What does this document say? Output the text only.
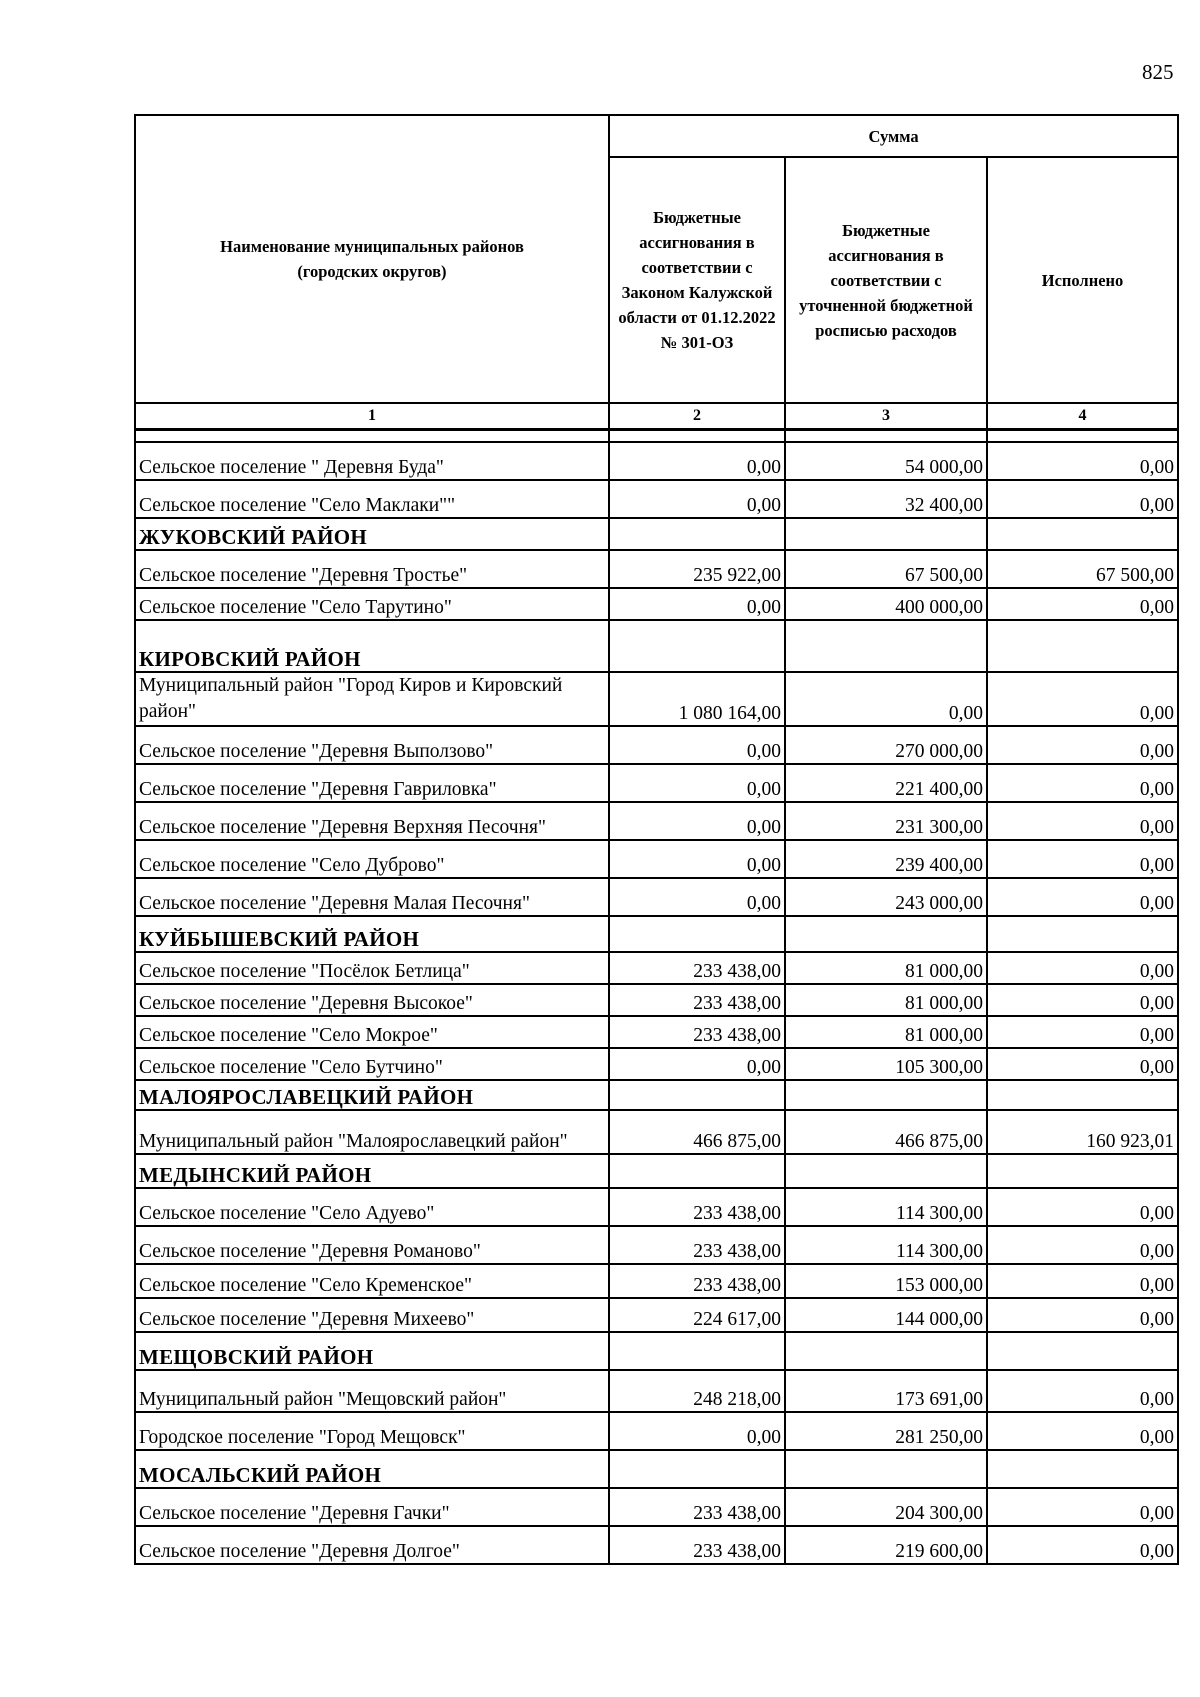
825
Наименование муниципальных районов (городских округов)	Сумма		
	Бюджетные ассигнования в соответствии с Законом Калужской области от 01.12.2022 № 301-ОЗ	Бюджетные ассигнования в соответствии с уточненной бюджетной росписью расходов	Исполнено
1	2	3	4

Сельское поселение " Деревня Буда"	0,00	54 000,00	0,00
Сельское поселение "Село Маклаки""	0,00	32 400,00	0,00
ЖУКОВСКИЙ РАЙОН			
Сельское поселение "Деревня Тростье"	235 922,00	67 500,00	67 500,00
Сельское поселение "Село Тарутино"	0,00	400 000,00	0,00
КИРОВСКИЙ РАЙОН			
Муниципальный район "Город Киров и Кировский район"	1 080 164,00	0,00	0,00
Сельское поселение "Деревня Выползово"	0,00	270 000,00	0,00
Сельское поселение "Деревня Гавриловка"	0,00	221 400,00	0,00
Сельское поселение "Деревня Верхняя Песочня"	0,00	231 300,00	0,00
Сельское поселение "Село Дуброво"	0,00	239 400,00	0,00
Сельское поселение "Деревня Малая Песочня"	0,00	243 000,00	0,00
КУЙБЫШЕВСКИЙ РАЙОН			
Сельское поселение "Посёлок Бетлица"	233 438,00	81 000,00	0,00
Сельское поселение "Деревня Высокое"	233 438,00	81 000,00	0,00
Сельское поселение "Село Мокрое"	233 438,00	81 000,00	0,00
Сельское поселение "Село Бутчино"	0,00	105 300,00	0,00
МАЛОЯРОСЛАВЕЦКИЙ РАЙОН			
Муниципальный район "Малоярославецкий район"	466 875,00	466 875,00	160 923,01
МЕДЫНСКИЙ РАЙОН			
Сельское поселение "Село Адуево"	233 438,00	114 300,00	0,00
Сельское поселение "Деревня Романово"	233 438,00	114 300,00	0,00
Сельское поселение "Село Кременское"	233 438,00	153 000,00	0,00
Сельское поселение "Деревня Михеево"	224 617,00	144 000,00	0,00
МЕЩОВСКИЙ РАЙОН			
Муниципальный район "Мещовский район"	248 218,00	173 691,00	0,00
Городское поселение "Город Мещовск"	0,00	281 250,00	0,00
МОСАЛЬСКИЙ РАЙОН			
Сельское поселение "Деревня Гачки"	233 438,00	204 300,00	0,00
Сельское поселение "Деревня Долгое"	233 438,00	219 600,00	0,00
